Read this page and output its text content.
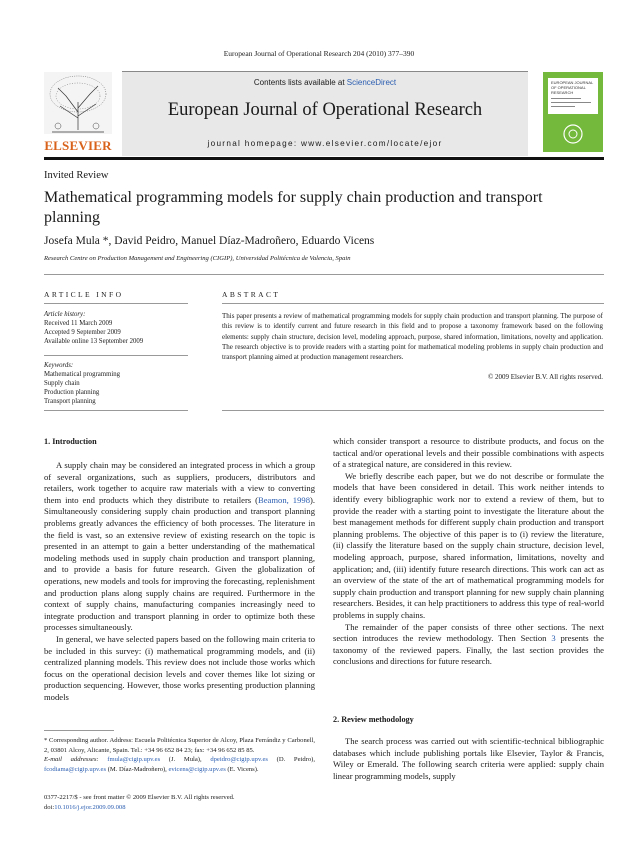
European Journal of Operational Research 204 (2010) 377–390
Contents lists available at ScienceDirect
European Journal of Operational Research
journal homepage: www.elsevier.com/locate/ejor
ELSEVIER
EUROPEAN JOURNAL OF OPERATIONAL RESEARCH
Invited Review
Mathematical programming models for supply chain production and transport planning
Josefa Mula *, David Peidro, Manuel Díaz-Madroñero, Eduardo Vicens
Research Centre on Production Management and Engineering (CIGIP), Universidad Politécnica de Valencia, Spain
ARTICLE INFO	ABSTRACT
Article history:
Received 11 March 2009
Accepted 9 September 2009
Available online 13 September 2009
Keywords:
Mathematical programming
Supply chain
Production planning
Transport planning
This paper presents a review of mathematical programming models for supply chain production and transport planning. The purpose of this review is to identify current and future research in this field and to propose a taxonomy framework based on the following elements: supply chain structure, decision level, modeling approach, purpose, shared information, limitations, novelty and application. The research objective is to provide readers with a starting point for mathematical modeling problems in supply chain production and transport planning aimed at production management researchers.
© 2009 Elsevier B.V. All rights reserved.
1. Introduction

A supply chain may be considered an integrated process in which a group of several organizations, such as suppliers, producers, distributors and retailers, work together to acquire raw materials with a view to converting them into end products which they distribute to retailers (Beamon, 1998). Simultaneously considering supply chain production and transport planning problems greatly advances the efficiency of both processes. The literature in the field is vast, so an extensive review of existing research on the topic is presented in an attempt to gain a better understanding of the mathematical modeling methods used in supply chain production and transport planning, and to provide a basis for future research. Given the globalization of operations, new models and tools for improving the forecasting, replenishment and production plans along supply chains are required. Furthermore in the context of supply chains, manufacturing companies increasingly need to integrate production and transport planning in order to optimize both these processes simultaneously.

In general, we have selected papers based on the following main criteria to be included in this survey: (i) mathematical programming models, and (ii) centralized planning models. This review does not include those works which focus on the operational decision levels and cover themes like lot sizing or production sequencing. However, those works presenting production planning models

which consider transport a resource to distribute products, and focus on the tactical and/or operational levels and their possible combinations with aspects of a strategical nature, are considered in this review.

We briefly describe each paper, but we do not describe or formulate the models that have been considered in detail. This work neither intends to identify every bibliographic work nor to extend a review of them, but to provide the reader with a starting point to investigate the literature about the best management methods for different supply chain production and transport planning problems. The objective of this paper is to (i) review the literature, (ii) classify the literature based on the supply chain structure, decision level, modeling approach, purpose, shared information, limitations, novelty and application; and, (iii) identify future research directions. This work can act as an overview of the state of the art of mathematical programming models for supply chain production and transport planning for new supply chain planning researchers. Besides, it can help practitioners to address this type of real-world problems in supply chains.

The remainder of the paper consists of three other sections. The next section introduces the review methodology. Then Section 3 presents the taxonomy of the reviewed papers. Finally, the last section provides the conclusions and directions for future research.

2. Review methodology

The search process was carried out with scientific-technical bibliographic databases which include publishing portals like Elsevier, Taylor & Francis, Wiley or Emerald. The following search criteria were applied: supply chain linear programming models, supply

* Corresponding author. Address: Escuela Politécnica Superior de Alcoy, Plaza Ferrándiz y Carbonell, 2, 03801 Alcoy, Alicante, Spain. Tel.: +34 96 652 84 23; fax: +34 96 652 85 85.
E-mail addresses: fmula@cigip.upv.es (J. Mula), dpeidro@cigip.upv.es (D. Peidro), fcodiama@cigip.upv.es (M. Díaz-Madroñero), evicens@cigip.upv.es (E. Vicens).
0377-2217/$ - see front matter © 2009 Elsevier B.V. All rights reserved.
doi:10.1016/j.ejor.2009.09.008
